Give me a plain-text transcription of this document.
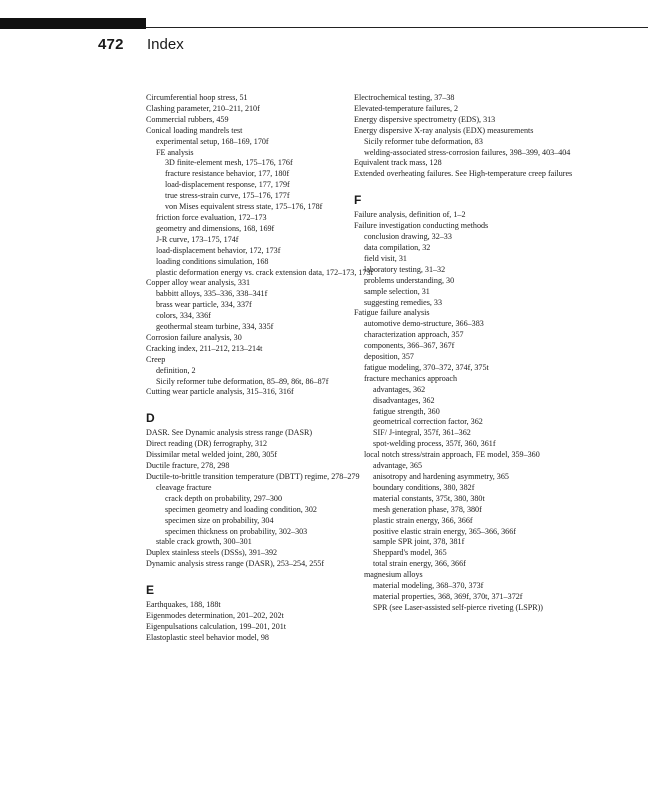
472 Index
Circumferential hoop stress, 51
Clashing parameter, 210–211, 210f
Commercial rubbers, 459
Conical loading mandrels test
experimental setup, 168–169, 170f
FE analysis
3D finite-element mesh, 175–176, 176f
fracture resistance behavior, 177, 180f
load-displacement response, 177, 179f
true stress-strain curve, 175–176, 177f
von Mises equivalent stress state, 175–176, 178f
friction force evaluation, 172–173
geometry and dimensions, 168, 169f
J-R curve, 173–175, 174f
load-displacement behavior, 172, 173f
loading conditions simulation, 168
plastic deformation energy vs. crack extension data, 172–173, 173f
Copper alloy wear analysis, 331
babbitt alloys, 335–336, 338–341f
brass wear particle, 334, 337f
colors, 334, 336f
geothermal steam turbine, 334, 335f
Corrosion failure analysis, 30
Cracking index, 211–212, 213–214t
Creep
definition, 2
Sicily reformer tube deformation, 85–89, 86t, 86–87f
Cutting wear particle analysis, 315–316, 316f
D
DASR. See Dynamic analysis stress range (DASR)
Direct reading (DR) ferrography, 312
Dissimilar metal welded joint, 280, 305f
Ductile fracture, 278, 298
Ductile-to-brittle transition temperature (DBTT) regime, 278–279
cleavage fracture
crack depth on probability, 297–300
specimen geometry and loading condition, 302
specimen size on probability, 304
specimen thickness on probability, 302–303
stable crack growth, 300–301
Duplex stainless steels (DSSs), 391–392
Dynamic analysis stress range (DASR), 253–254, 255f
E
Earthquakes, 188, 188t
Eigenmodes determination, 201–202, 202t
Eigenpulsations calculation, 199–201, 201t
Elastoplastic steel behavior model, 98
Electrochemical testing, 37–38
Elevated-temperature failures, 2
Energy dispersive spectrometry (EDS), 313
Energy dispersive X-ray analysis (EDX) measurements
Sicily reformer tube deformation, 83
welding-associated stress-corrosion failures, 398–399, 403–404
Equivalent track mass, 128
Extended overheating failures. See High-temperature creep failures
F
Failure analysis, definition of, 1–2
Failure investigation conducting methods
conclusion drawing, 32–33
data compilation, 32
field visit, 31
laboratory testing, 31–32
problems understanding, 30
sample selection, 31
suggesting remedies, 33
Fatigue failure analysis
automotive demo-structure, 366–383
characterization approach, 357
components, 366–367, 367f
deposition, 357
fatigue modeling, 370–372, 374f, 375t
fracture mechanics approach
advantages, 362
disadvantages, 362
fatigue strength, 360
geometrical correction factor, 362
SIF/ J-integral, 357f, 361–362
spot-welding process, 357f, 360, 361f
local notch stress/strain approach, FE model, 359–360
advantage, 365
anisotropy and hardening asymmetry, 365
boundary conditions, 380, 382f
material constants, 375t, 380, 380t
mesh generation phase, 378, 380f
plastic strain energy, 366, 366f
positive elastic strain energy, 365–366, 366f
sample SPR joint, 378, 381f
Sheppard's model, 365
total strain energy, 366, 366f
magnesium alloys
material modeling, 368–370, 373f
material properties, 368, 369f, 370t, 371–372f
SPR (see Laser-assisted self-pierce riveting (LSPR))
